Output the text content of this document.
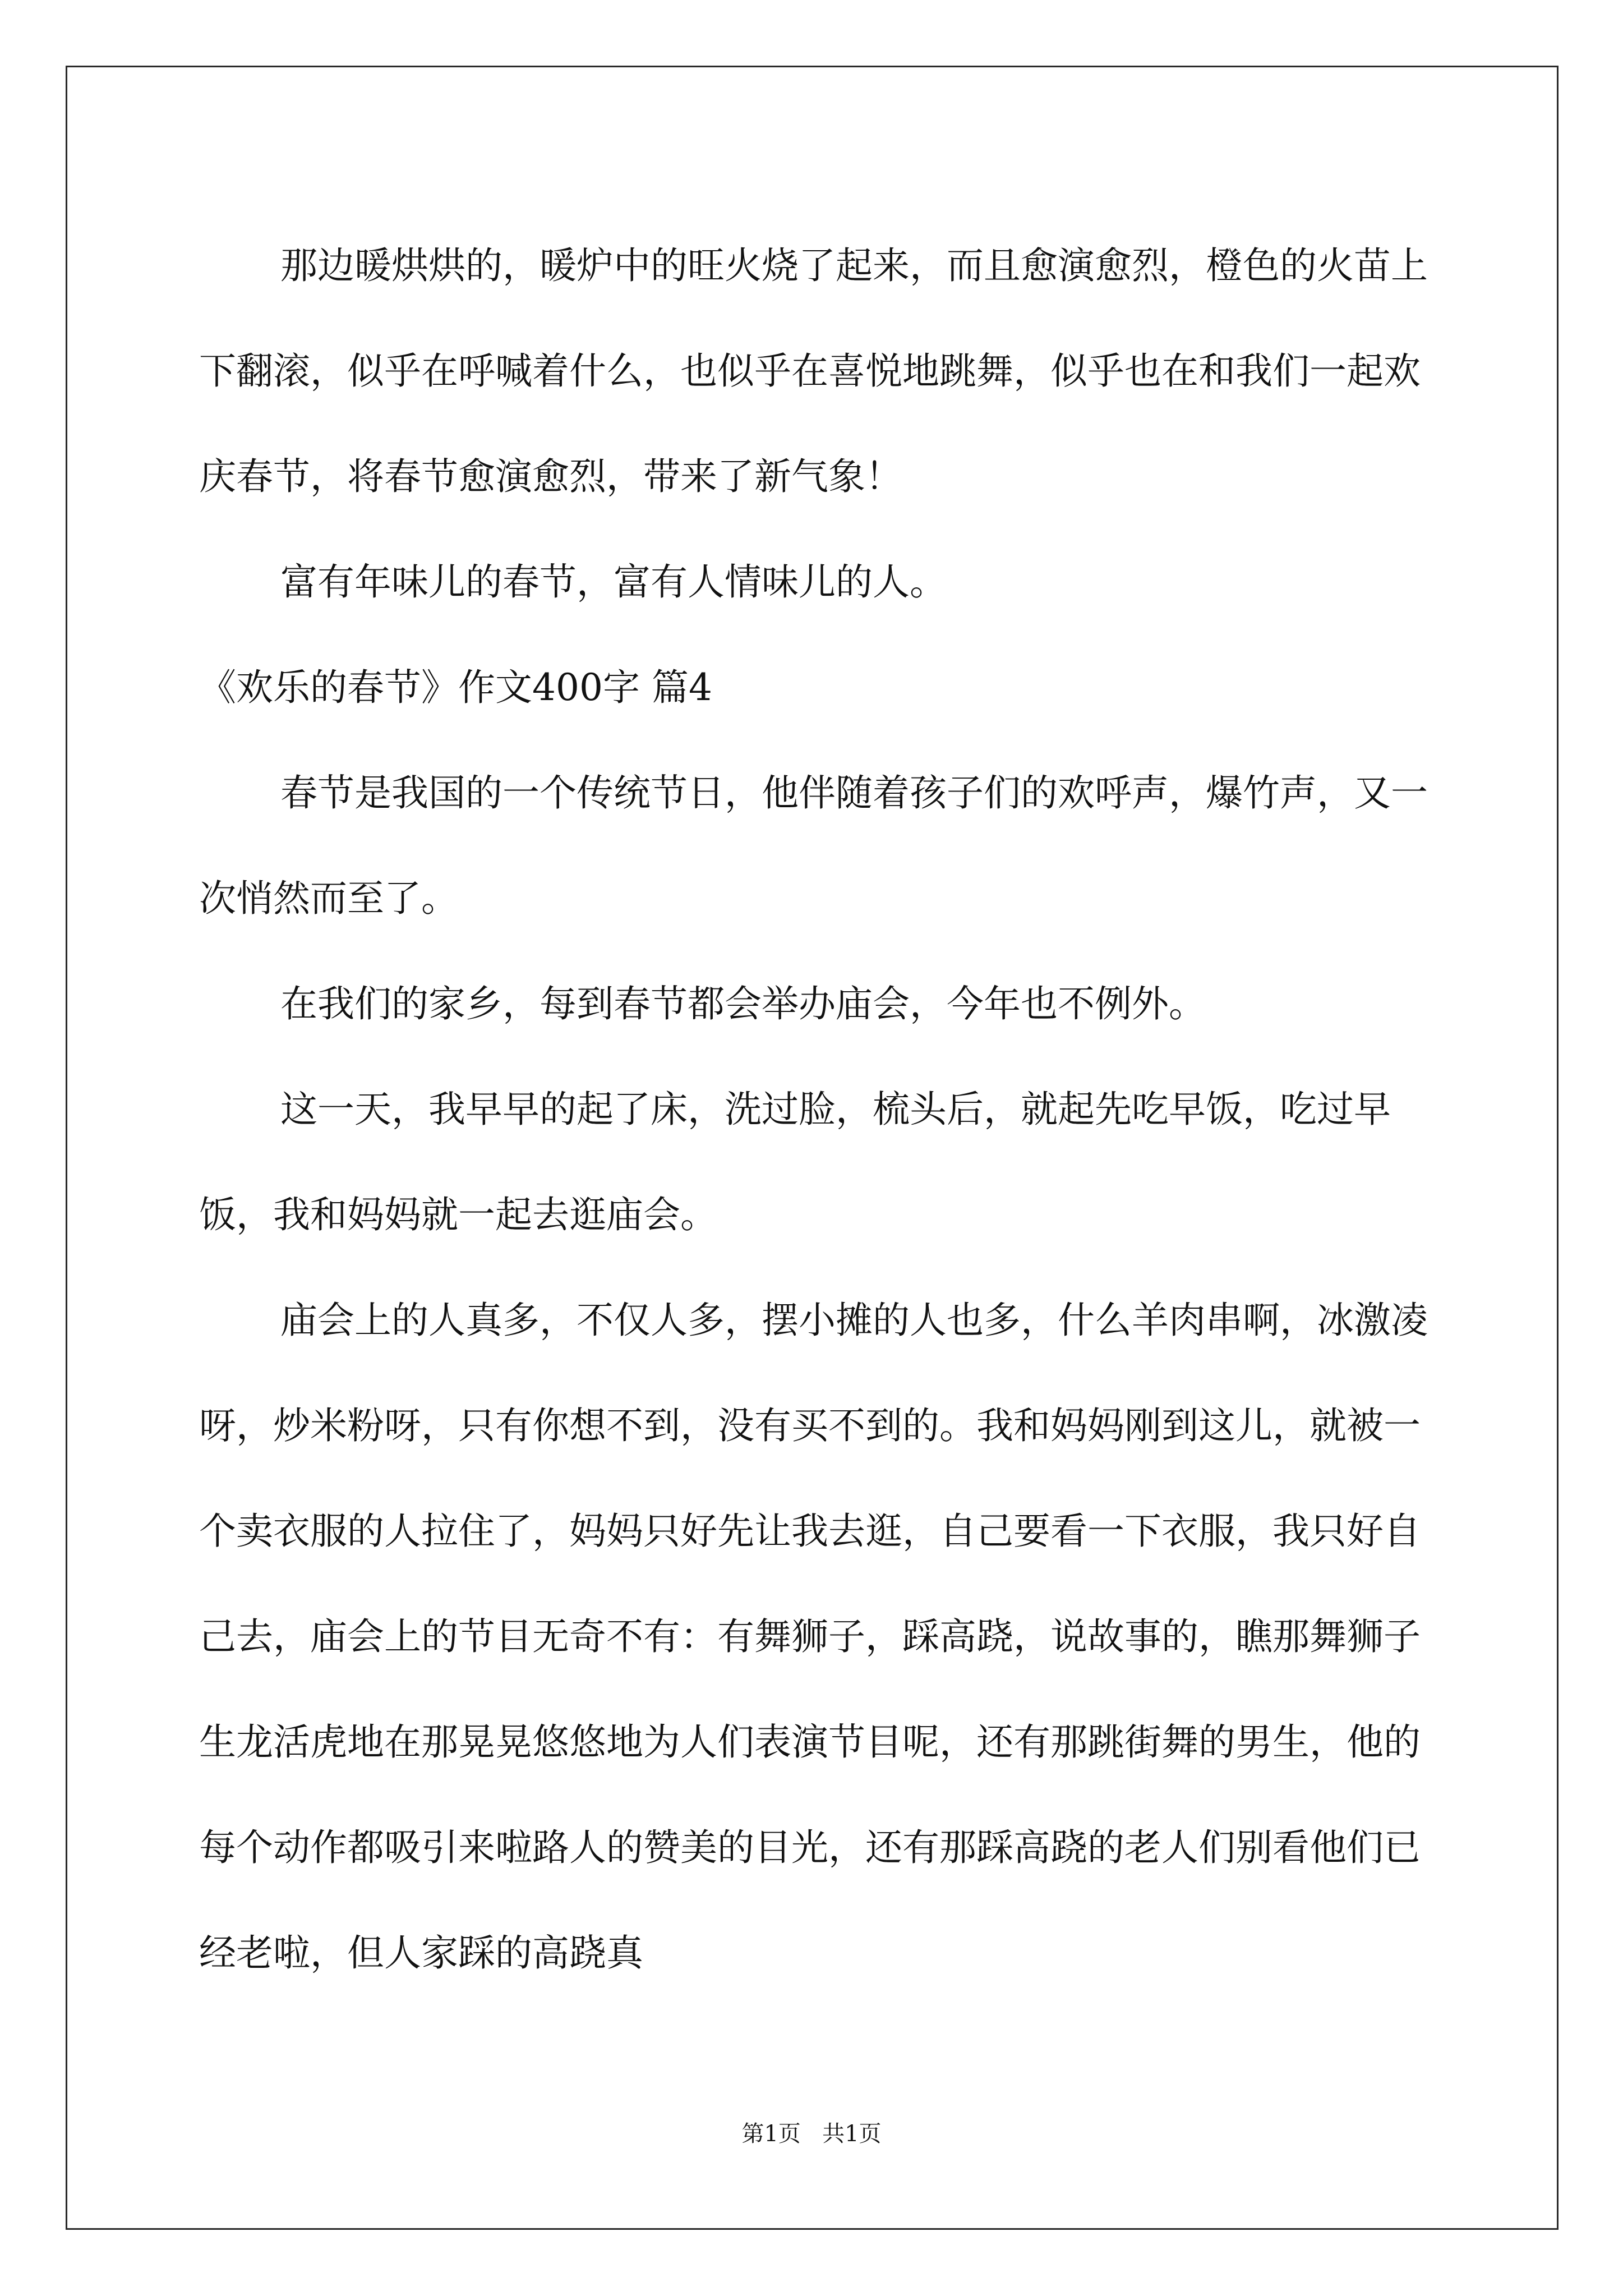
那边暖烘烘的，暖炉中的旺火烧了起来，而且愈演愈烈，橙色的火苗上下翻滚，似乎在呼喊着什么，也似乎在喜悦地跳舞，似乎也在和我们一起欢庆春节，将春节愈演愈烈，带来了新气象！

富有年味儿的春节，富有人情味儿的人。

《欢乐的春节》作文400字 篇4

春节是我国的一个传统节日，他伴随着孩子们的欢呼声，爆竹声，又一次悄然而至了。

在我们的家乡，每到春节都会举办庙会，今年也不例外。

这一天，我早早的起了床，洗过脸，梳头后，就起先吃早饭，吃过早饭，我和妈妈就一起去逛庙会。

庙会上的人真多，不仅人多，摆小摊的人也多，什么羊肉串啊，冰激凌呀，炒米粉呀，只有你想不到，没有买不到的。我和妈妈刚到这儿，就被一个卖衣服的人拉住了，妈妈只好先让我去逛，自己要看一下衣服，我只好自己去，庙会上的节目无奇不有：有舞狮子，踩高跷，说故事的，瞧那舞狮子生龙活虎地在那晃晃悠悠地为人们表演节目呢，还有那跳街舞的男生，他的每个动作都吸引来啦路人的赞美的目光，还有那踩高跷的老人们别看他们已经老啦，但人家踩的高跷真

第1页 共1页
